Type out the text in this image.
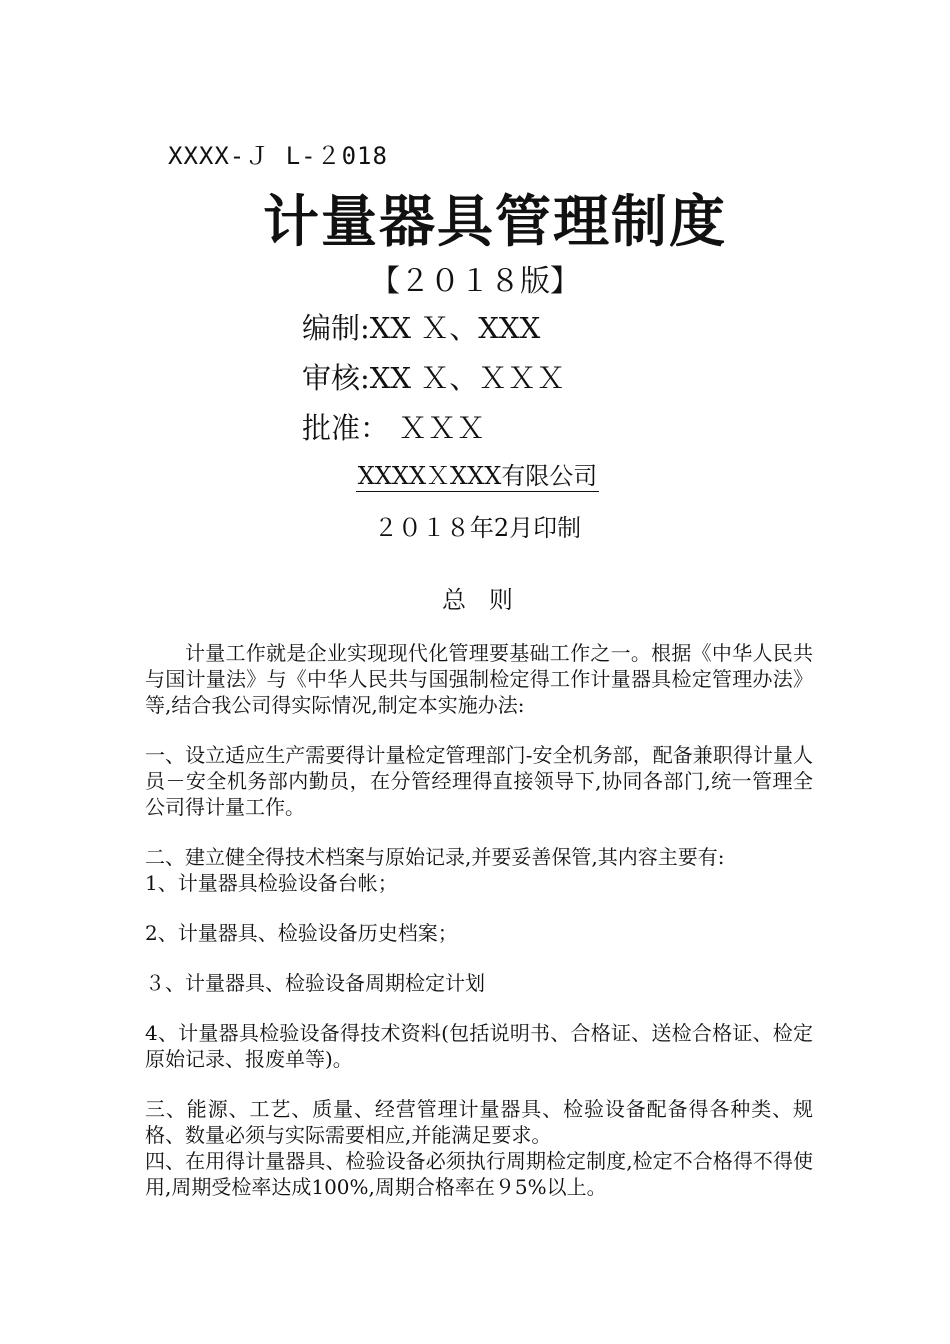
XXXX-Ｊ L-２018
计量器具管理制度
【２０１８版】
编制:XX Ｘ、XXX
审核:XX Ｘ、ＸＸＸ
批准： ＸＸＸ
XXXXＸXXX有限公司
２０１８年2月印制
总   则

计量工作就是企业实现现代化管理要基础工作之一。根据《中华人民共与国计量法》与《中华人民共与国强制检定得工作计量器具检定管理办法》等,结合我公司得实际情况,制定本实施办法:

一、设立适应生产需要得计量检定管理部门-安全机务部，配备兼职得计量人员－安全机务部内勤员，在分管经理得直接领导下,协同各部门,统一管理全公司得计量工作。

二、建立健全得技术档案与原始记录,并要妥善保管,其内容主要有:

1、计量器具检验设备台帐；

2、计量器具、检验设备历史档案；

３、计量器具、检验设备周期检定计划

4、计量器具检验设备得技术资料(包括说明书、合格证、送检合格证、检定原始记录、报废单等)。

三、能源、工艺、质量、经营管理计量器具、检验设备配备得各种类、规格、数量必须与实际需要相应,并能满足要求。

四、在用得计量器具、检验设备必须执行周期检定制度,检定不合格得不得使用,周期受检率达成100%,周期合格率在９5%以上。
